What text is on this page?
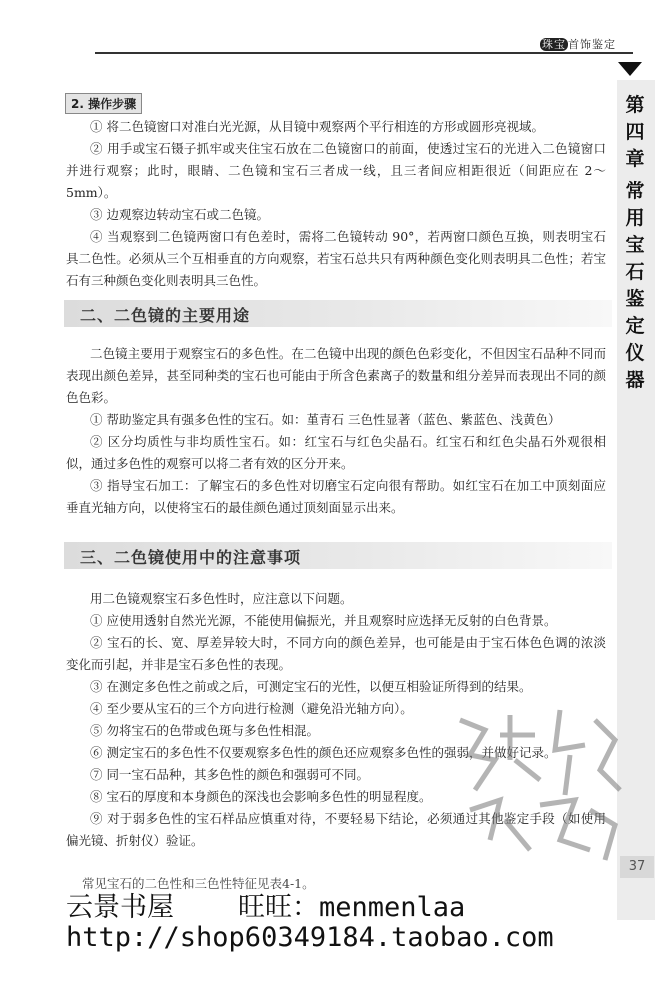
珠宝 首饰鉴定
第
四
章
常
用
宝
石
鉴
定
仪
器
37
2. 操作步骤

① 将二色镜窗口对准白光光源，从目镜中观察两个平行相连的方形或圆形亮视域。

② 用手或宝石镊子抓牢或夹住宝石放在二色镜窗口的前面，使透过宝石的光进入二色镜窗口并进行观察；此时，眼睛、二色镜和宝石三者成一线，且三者间应相距很近（间距应在 2～5mm）。

③ 边观察边转动宝石或二色镜。

④ 当观察到二色镜两窗口有色差时，需将二色镜转动 90°，若两窗口颜色互换，则表明宝石具二色性。必须从三个互相垂直的方向观察，若宝石总共只有两种颜色变化则表明具二色性；若宝石有三种颜色变化则表明具三色性。

二、二色镜的主要用途

二色镜主要用于观察宝石的多色性。在二色镜中出现的颜色色彩变化，不但因宝石品种不同而表现出颜色差异，甚至同种类的宝石也可能由于所含色素离子的数量和组分差异而表现出不同的颜色色彩。

① 帮助鉴定具有强多色性的宝石。如：堇青石 三色性显著（蓝色、紫蓝色、浅黄色）

② 区分均质性与非均质性宝石。如：红宝石与红色尖晶石。红宝石和红色尖晶石外观很相似，通过多色性的观察可以将二者有效的区分开来。

③ 指导宝石加工：了解宝石的多色性对切磨宝石定向很有帮助。如红宝石在加工中顶刻面应垂直光轴方向，以使将宝石的最佳颜色通过顶刻面显示出来。

三、二色镜使用中的注意事项

用二色镜观察宝石多色性时，应注意以下问题。

① 应使用透射自然光光源，不能使用偏振光，并且观察时应选择无反射的白色背景。

② 宝石的长、宽、厚差异较大时，不同方向的颜色差异，也可能是由于宝石体色色调的浓淡变化而引起，并非是宝石多色性的表现。

③ 在测定多色性之前或之后，可测定宝石的光性，以便互相验证所得到的结果。

④ 至少要从宝石的三个方向进行检测（避免沿光轴方向）。

⑤ 勿将宝石的色带或色斑与多色性相混。

⑥ 测定宝石的多色性不仅要观察多色性的颜色还应观察多色性的强弱，并做好记录。

⑦ 同一宝石品种，其多色性的颜色和强弱可不同。

⑧ 宝石的厚度和本身颜色的深浅也会影响多色性的明显程度。

⑨ 对于弱多色性的宝石样品应慎重对待，不要轻易下结论，必须通过其他鉴定手段（如使用偏光镜、折射仪）验证。

常见宝石的二色性和三色性特征见表4-1。
云景书屋 旺旺：menmenlaa
http://shop60349184.taobao.com
